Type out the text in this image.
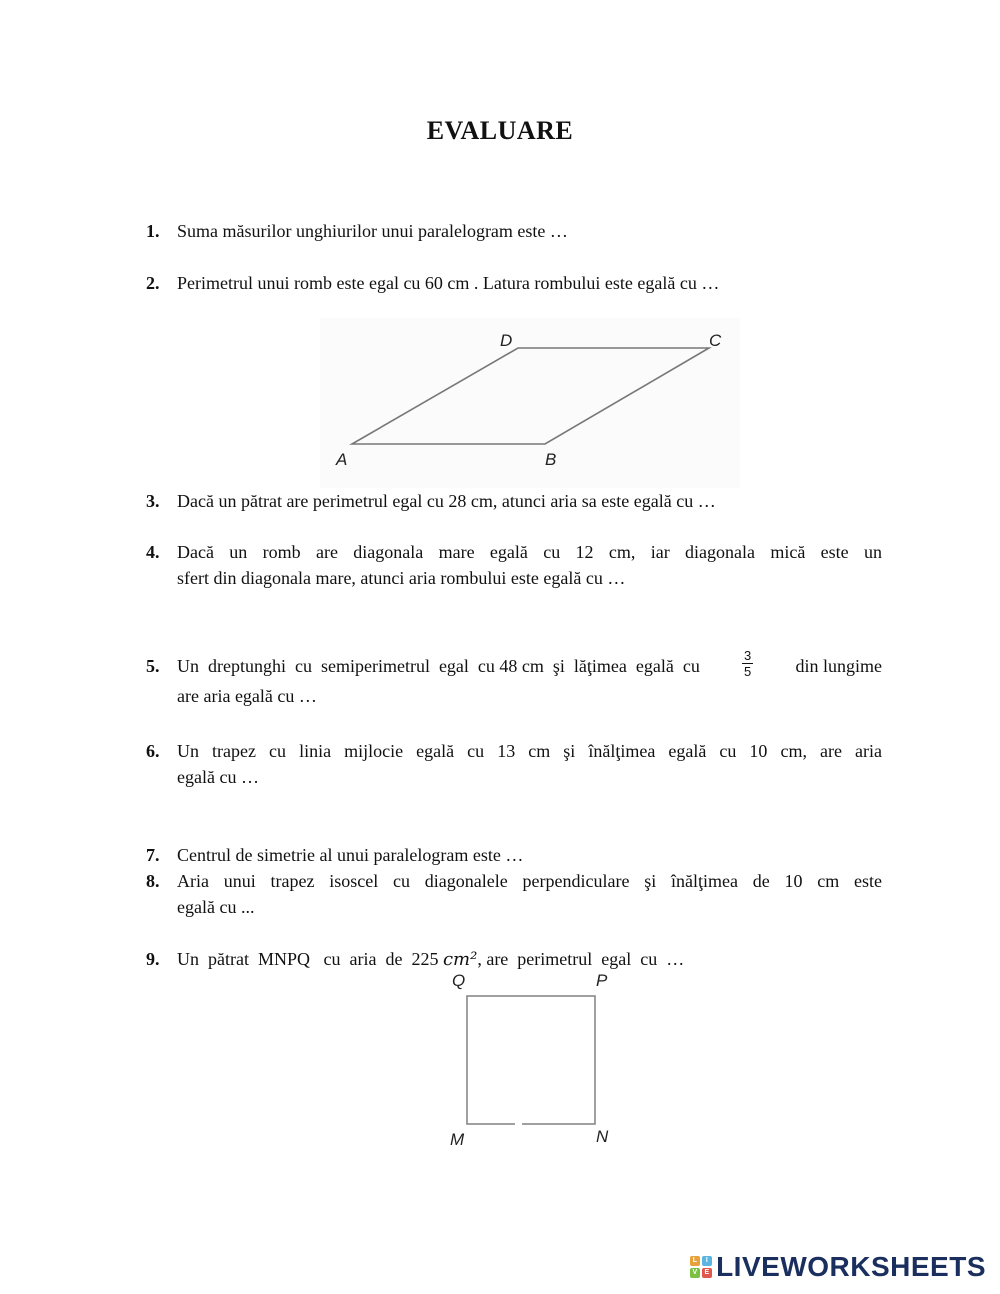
EVALUARE
1. Suma măsurilor unghiurilor unui paralelogram este …
2. Perimetrul unui romb este egal cu 60 cm . Latura rombului este egală cu …
D	C
A	B
3. Dacă un pătrat are perimetrul egal cu 28 cm, atunci aria sa este egală cu …
4. Dacă un romb are diagonala mare egală cu 12 cm, iar diagonala mică este un
sfert din diagonala mare, atunci aria rombului este egală cu …
5. Un  dreptunghi  cu  semiperimetrul  egal  cu 48 cm  şi  lăţimea  egală  cu	$\frac{3}{5}$ din lungime
are aria egală cu …
6. Un trapez cu linia mijlocie egală cu 13 cm şi înălţimea egală cu 10 cm, are aria
egală cu …
7. Centrul de simetrie al unui paralelogram este …
8. Aria unui trapez isoscel cu diagonalele perpendiculare şi înălţimea de 10 cm este
egală cu ...
9. Un  pătrat  MNPQ   cu  aria  de  225 cm², are  perimetrul  egal  cu  …
Q	P
M	N
L	I
V E LIVEWORKSHEETS
